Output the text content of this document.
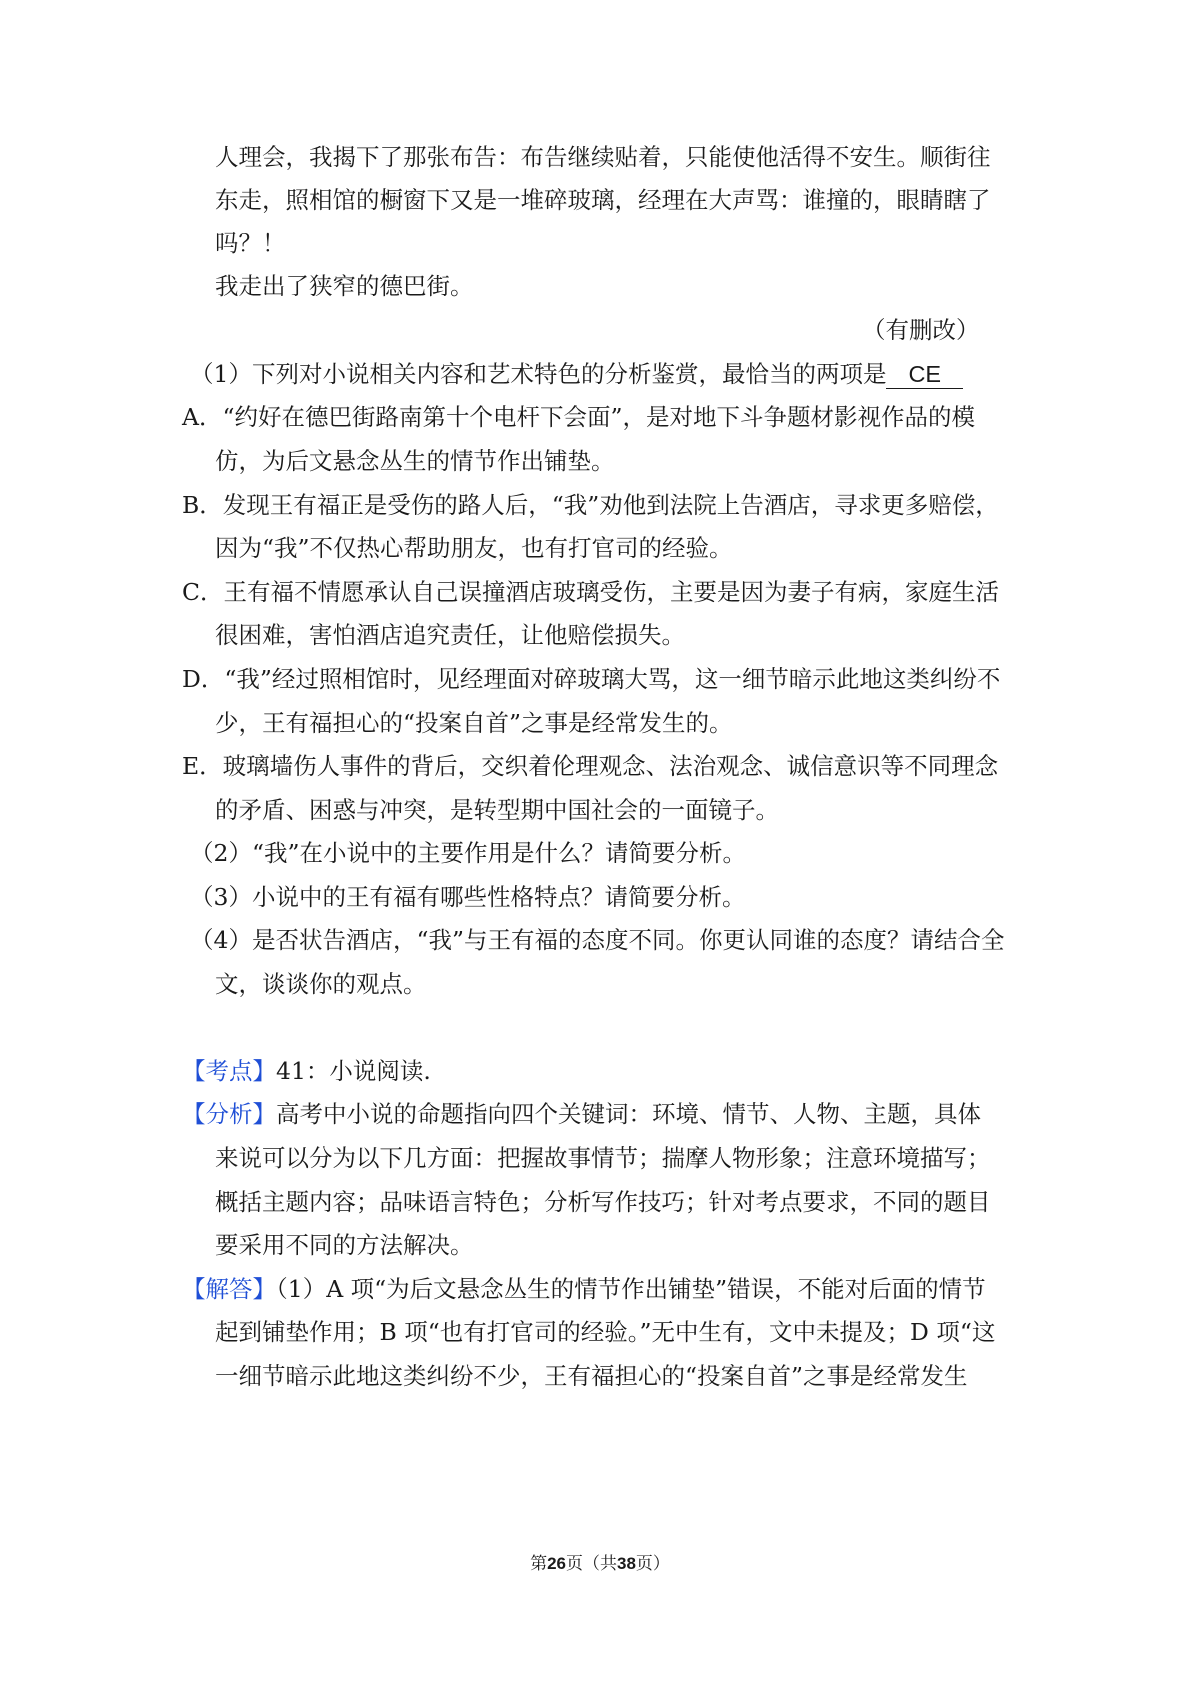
人理会，我揭下了那张布告：布告继续贴着，只能使他活得不安生。顺街往
东走，照相馆的橱窗下又是一堆碎玻璃，经理在大声骂：谁撞的，眼睛瞎了
吗？！
我走出了狭窄的德巴街。
（有删改）
（1）下列对小说相关内容和艺术特色的分析鉴赏，最恰当的两项是 CE
A．“约好在德巴街路南第十个电杆下会面”，是对地下斗争题材影视作品的模
仿，为后文悬念丛生的情节作出铺垫。
B．发现王有福正是受伤的路人后，“我”劝他到法院上告酒店，寻求更多赔偿，
因为“我”不仅热心帮助朋友，也有打官司的经验。
C．王有福不情愿承认自己误撞酒店玻璃受伤，主要是因为妻子有病，家庭生活
很困难，害怕酒店追究责任，让他赔偿损失。
D．“我”经过照相馆时，见经理面对碎玻璃大骂，这一细节暗示此地这类纠纷不
少，王有福担心的“投案自首”之事是经常发生的。
E．玻璃墙伤人事件的背后，交织着伦理观念、法治观念、诚信意识等不同理念
的矛盾、困惑与冲突，是转型期中国社会的一面镜子。
（2）“我”在小说中的主要作用是什么？请简要分析。
（3）小说中的王有福有哪些性格特点？请简要分析。
（4）是否状告酒店，“我”与王有福的态度不同。你更认同谁的态度？请结合全
文，谈谈你的观点。
【考点】41：小说阅读.
【分析】高考中小说的命题指向四个关键词：环境、情节、人物、主题，具体
来说可以分为以下几方面：把握故事情节；揣摩人物形象；注意环境描写；
概括主题内容；品味语言特色；分析写作技巧；针对考点要求，不同的题目
要采用不同的方法解决。
【解答】（1）A 项“为后文悬念丛生的情节作出铺垫”错误，不能对后面的情节
起到铺垫作用；B 项“也有打官司的经验。”无中生有，文中未提及；D 项“这
一细节暗示此地这类纠纷不少，王有福担心的“投案自首”之事是经常发生
第26页（共38页）
